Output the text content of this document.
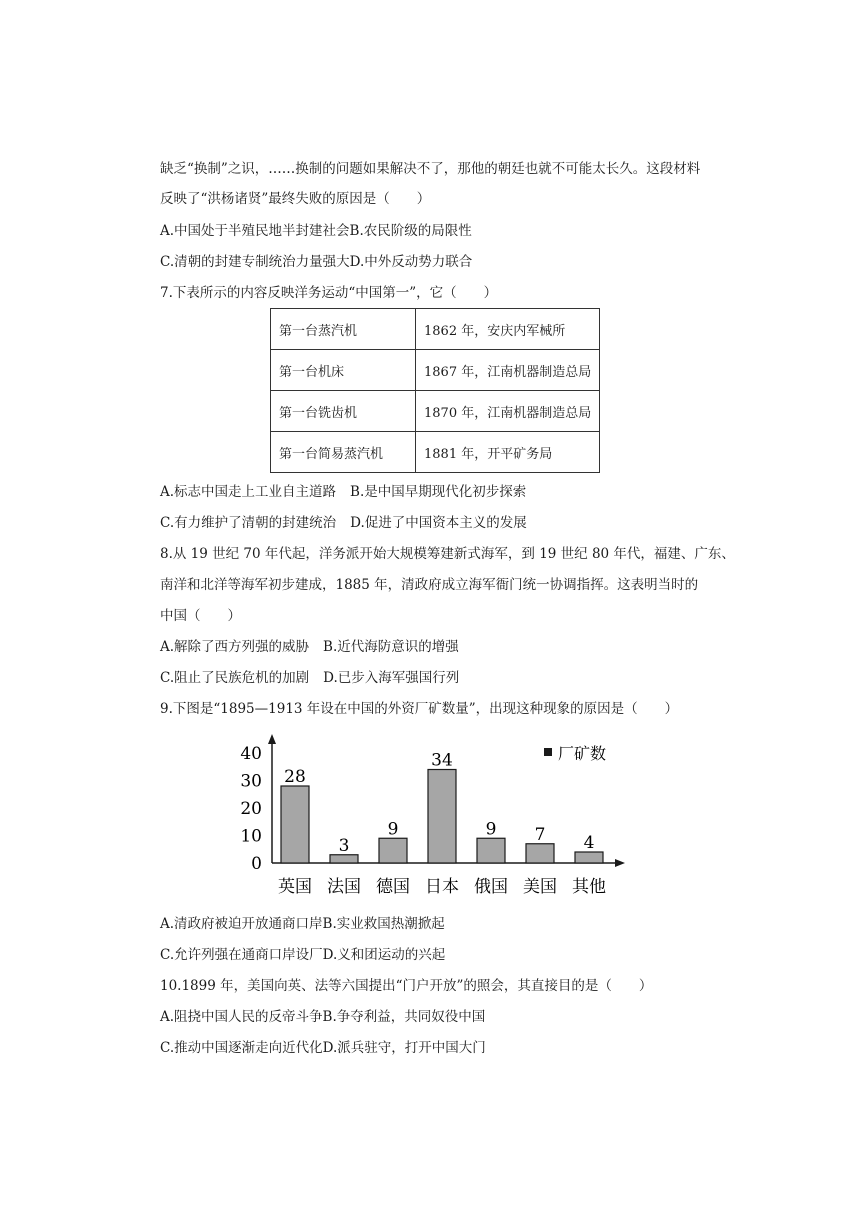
缺乏“换制”之识，……换制的问题如果解决不了，那他的朝廷也就不可能太长久。这段材料
反映了“洪杨诸贤”最终失败的原因是（　　）
A.中国处于半殖民地半封建社会B.农民阶级的局限性
C.清朝的封建专制统治力量强大D.中外反动势力联合
7.下表所示的内容反映洋务运动“中国第一”，它（　　）
第一台蒸汽机	1862 年，安庆内军械所
第一台机床	1867 年，江南机器制造总局
第一台铣齿机	1870 年，江南机器制造总局
第一台简易蒸汽机	1881 年，开平矿务局
A.标志中国走上工业自主道路 B.是中国早期现代化初步探索
C.有力维护了清朝的封建统治 D.促进了中国资本主义的发展
8.从 19 世纪 70 年代起，洋务派开始大规模筹建新式海军，到 19 世纪 80 年代，福建、广东、
南洋和北洋等海军初步建成，1885 年，清政府成立海军衙门统一协调指挥。这表明当时的
中国（　　）
A.解除了西方列强的威胁 B.近代海防意识的增强
C.阻止了民族危机的加剧 D.已步入海军强国行列
9.下图是“1895—1913 年设在中国的外资厂矿数量”，出现这种现象的原因是（　　）
0
10
20
30
40
28
英国
3
法国
9
德国
34
日本
9
俄国
7
美国
4
其他
厂矿数
A.清政府被迫开放通商口岸B.实业救国热潮掀起
C.允许列强在通商口岸设厂D.义和团运动的兴起
10.1899 年，美国向英、法等六国提出“门户开放”的照会，其直接目的是（　　）
A.阻挠中国人民的反帝斗争B.争夺利益，共同奴役中国
C.推动中国逐渐走向近代化D.派兵驻守，打开中国大门
